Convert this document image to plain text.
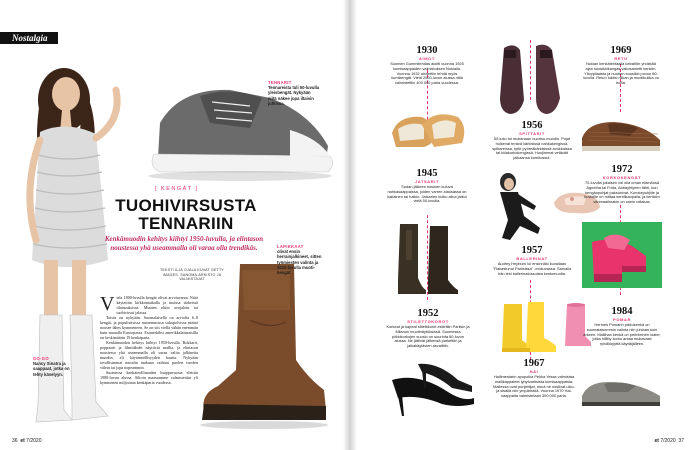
Nostalgia
TENNARIT
Tennareista tuli 50-luvulla yleisbengät. Nykyään niitä näkee jopa iltaisin juhlissa.
[ KENGÄT ]
TUOHIVIRSUSTA TENNARIIN
Kenkämuodin kehitys kiihtyi 1950-luvulla, ja elintason noustessa yhä useammalla oli varaa olla trendikäs.
TEKSTI ILJA OJALA KUVAT GETTY IMAGES, SANOMA-ARKISTO JA VALMISTAJAT

Viela 1800-luvulla kengät olivat arvotavaraa. Niitä käytettiin kirkkomatkalla ja muissa tärkeissä tilaisuuksissa. Muuten eltiin avojaloin tai tuohivirsut jalassa.

Toisin on nykyään. Suomalaisella on arviolta 6–8 kengät, ja populistisissa nuoremmissa sukupolvissa määrä nousee lähes kymmeneen. Se on siis viellä vähän enemmän kuin muualla Euroopassa. Esimerkiksi amerikkalaisnaisilla on keskimäärin 19 kenkäparia.

Kenkämuodon kehitys kiihtyi 1950-luvulla. Rokkarit, poppaarit ja filmitähdet näyttivät mallia, ja elintason noustessa yhä useammalla oli varaa valita jalkineita muodin, eli käytännöllisyyden kautta. Nykyään tavallisimmat muodin mukaan vaihtuu puolen vuoden välein tai jopa nopeammin.

Suomessa kenkäteollisuuden huippuvuosia elettiin 1980-luvun alussa. Siltoin maassamme valmistettiin yli kymmenen miljoonaa kenkäparia vuodessa.

LAPIKKAAT
olivat ensin herrainjalkineet, sitten työmiesten valinta ja 2010-luvulla muoti-kengät.
GO-GO
Nancy Sinatra ja saappaat, jotka on tehty kävelyyn.
36 et 7/2020
1930
AIMOT
Suomen Gummitehdas aloitti vuonna 1925 kumisaappaiden valmistuksen Nokialla. Vuonna 1932 aloitettiin tehdä myös kumikengät. Vielä 2000-luvun alussa niitä valmistettiin 400 000 paria vuodessa.
1945
JATSARIT
Sodan jälkeen toisinen kuluva nahkasaappaissa, joiden varren alaosassa on kaitainen tai halkio. Jatsarien kulku alkoi jatkui vielä 50-luvulla.
1952
STILETTOKOROT
Korkeat ja kapeat stilettikorot esiteltiin Pariisin ja Milanon muotinäytöksissä. Suomessa piikkikorkojen suosio on suurinta 60-luvun alussa. Ne jättivät jälkensä parkettiin ja jalkakäytävien asvalttiin.
1956
SPITTARIT
50-luku toi mukanaan nuoriso-muodin. Pojat hulkevat terävä kärkisissä nahkakengissä, spittareissa, tytöt pyöreäkärkisissä avokkaissa tai kiilakorkokengissä. Huojimmat vetäväit jalkaansa kumitossut.
1957
BALLERINAT
Audrey Hepburn loi ensinnäki kuvallaan "Rakastunut Pariisissa" -elokuvassa. Samalla hän teki ballerinatossuista kestomuotia.
1967
HAI
Hallimestarin apupoika Pekka Yessa valmistaa mallikappaleet lyhytvartisista kumisaappaista. Mallessa ovat punjettijat, muut ne nostivat ulko- ja sisällä niin ympäristöä. Vuonna 1970 Hai-saappaita valmistetaan 300 000 paria.
1969
RETU
Nokian kenkätehtaalla keksittiin yhdistää ajan suosikkikangas vakosametti kenkiin. Ylioppilaasta ja nuorten suosikki puvun 60-luvulla. Retun lukitsi nilkan ja muotikukka on isolla.
1972
KORKOKENGÄT
70-luvulla jokaisen voi olla oman elämänsä Agnetha tai Frida, Abbayhtyeen tähti, kun kengänpohjat paksunivat. Korokepohjille ja kuvioille on mittaa senttikaupalla, ja kenkien värimaailmakin on usein railakas.
1984
POMAR
Hermes Pomarin pikkukenkä on suomalaisemmin valinta niin juhlaan kuin arkeen. Mallihan kenkä on perinteinen loafer, jotka hillitty korko antaa mukavasti ryhdikkyyttä käyttäjälleen.
et 7/2020 37
